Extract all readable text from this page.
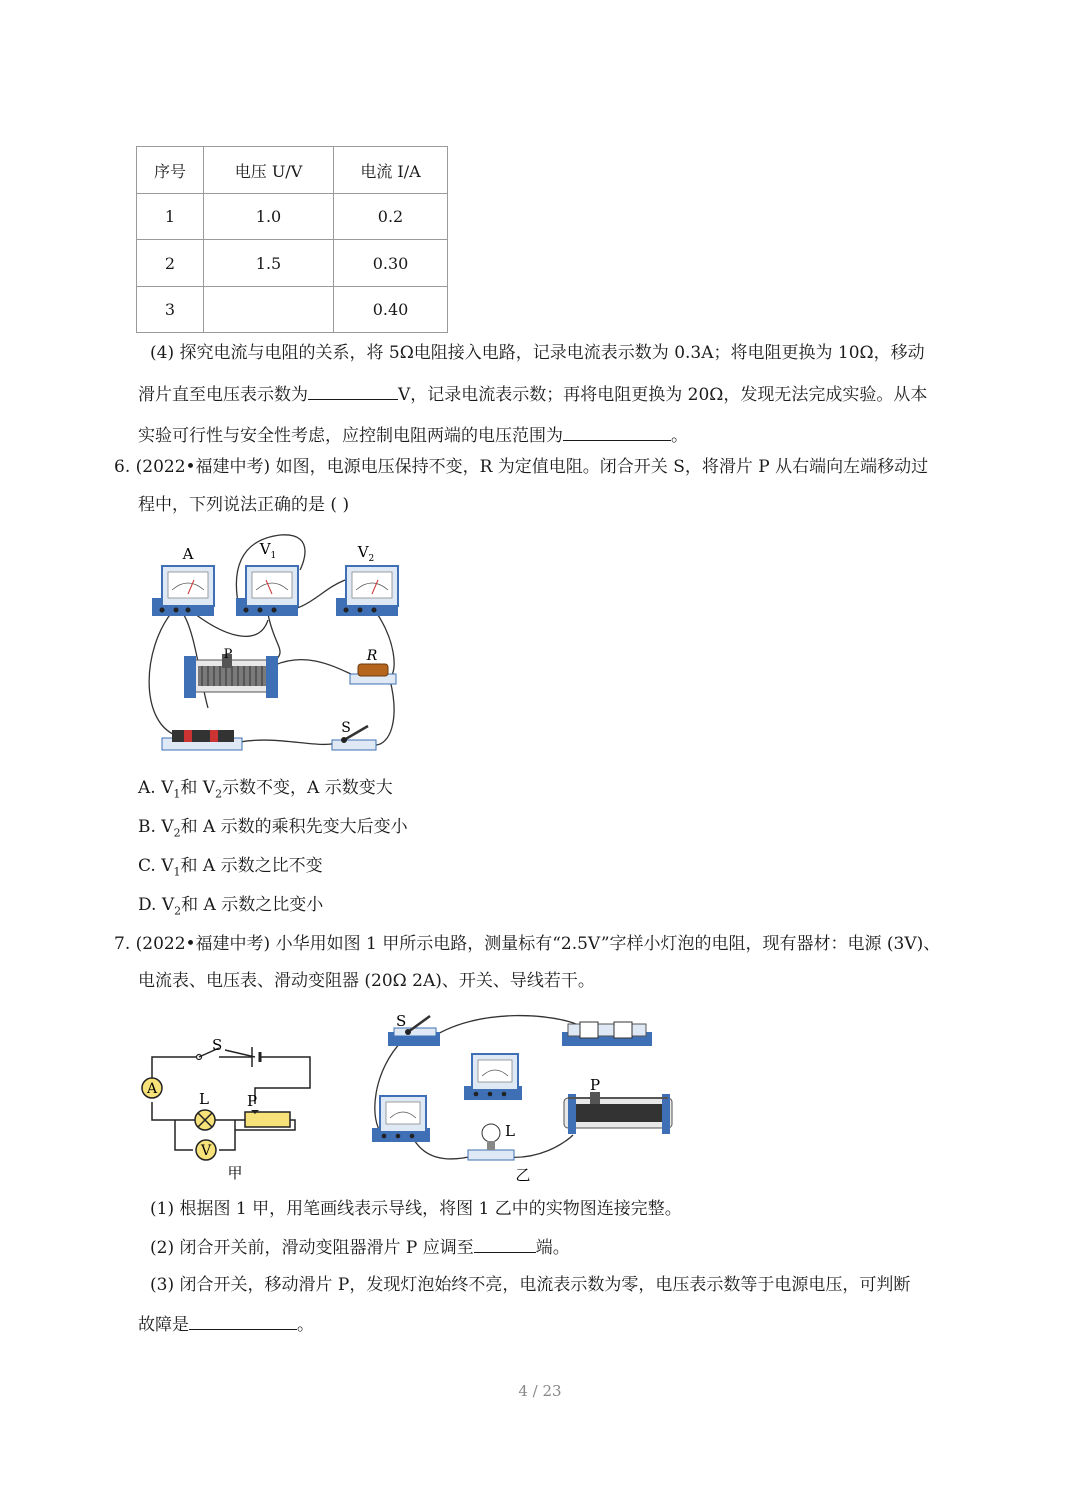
序号	电压 U/V	电流 I/A
1	1.0	0.2
2	1.5	0.30
3		0.40
(4) 探究电流与电阻的关系，将 5Ω电阻接入电路，记录电流表示数为 0.3A；将电阻更换为 10Ω，移动
滑片直至电压表示数为	V，记录电流表示数；再将电阻更换为 20Ω，发现无法完成实验。从本
实验可行性与安全性考虑，应控制电阻两端的电压范围为	。
6. (2022•福建中考) 如图，电源电压保持不变，R 为定值电阻。闭合开关 S，将滑片 P 从右端向左端移动过
程中，下列说法正确的是 ( )
A	$V_1$	$V_2$
P	R
S
A. $V_1$和 $V_2$示数不变，A 示数变大
B. $V_2$和 A 示数的乘积先变大后变小
C. $V_1$和 A 示数之比不变
D. $V_2$和 A 示数之比变小
7. (2022•福建中考) 小华用如图 1 甲所示电路，测量标有“2.5V”字样小灯泡的电阻，现有器材：电源 (3V)、
电流表、电压表、滑动变阻器 (20Ω 2A)、开关、导线若干。
S
A
L	P
V
甲
S
P
L
乙
(1) 根据图 1 甲，用笔画线表示导线，将图 1 乙中的实物图连接完整。
(2) 闭合开关前，滑动变阻器滑片 P 应调至	端。
(3) 闭合开关，移动滑片 P，发现灯泡始终不亮，电流表示数为零，电压表示数等于电源电压，可判断
故障是	。
4 / 23
